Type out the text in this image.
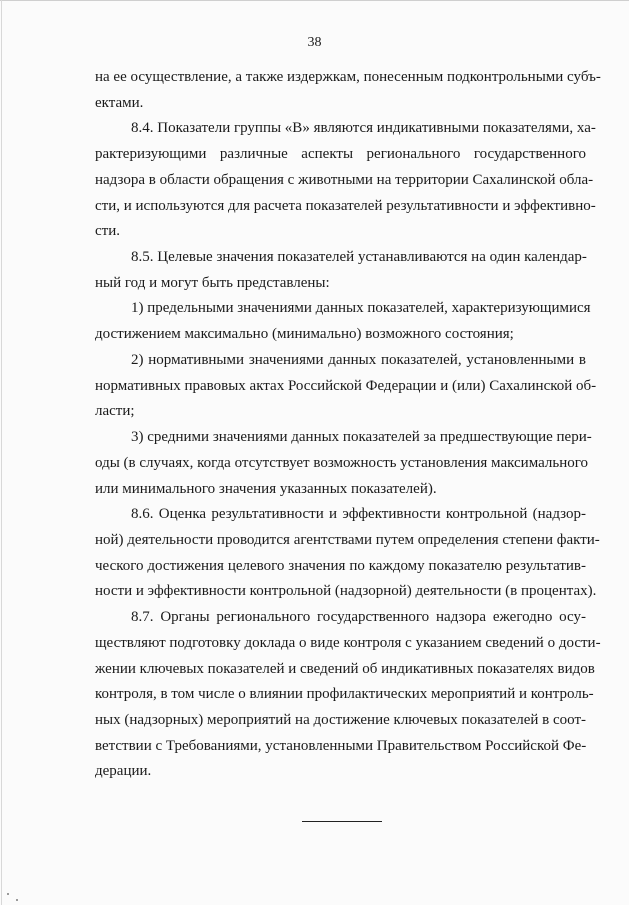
38
на ее осуществление, а также издержкам, понесенным подконтрольными субъ-
ектами.
8.4. Показатели группы «В» являются индикативными показателями, ха-
рактеризующими различные аспекты регионального государственного
надзора в области обращения с животными на территории Сахалинской обла-
сти, и используются для расчета показателей результативности и эффективно-
сти.
8.5. Целевые значения показателей устанавливаются на один календар-
ный год и могут быть представлены:
1) предельными значениями данных показателей, характеризующимися
достижением максимально (минимально) возможного состояния;
2) нормативными значениями данных показателей, установленными в
нормативных правовых актах Российской Федерации и (или) Сахалинской об-
ласти;
3) средними значениями данных показателей за предшествующие пери-
оды (в случаях, когда отсутствует возможность установления максимального
или минимального значения указанных показателей).
8.6. Оценка результативности и эффективности контрольной (надзор-
ной) деятельности проводится агентствами путем определения степени факти-
ческого достижения целевого значения по каждому показателю результатив-
ности и эффективности контрольной (надзорной) деятельности (в процентах).
8.7. Органы регионального государственного надзора ежегодно осу-
ществляют подготовку доклада о виде контроля с указанием сведений о дости-
жении ключевых показателей и сведений об индикативных показателях видов
контроля, в том числе о влиянии профилактических мероприятий и контроль-
ных (надзорных) мероприятий на достижение ключевых показателей в соот-
ветствии с Требованиями, установленными Правительством Российской Фе-
дерации.
